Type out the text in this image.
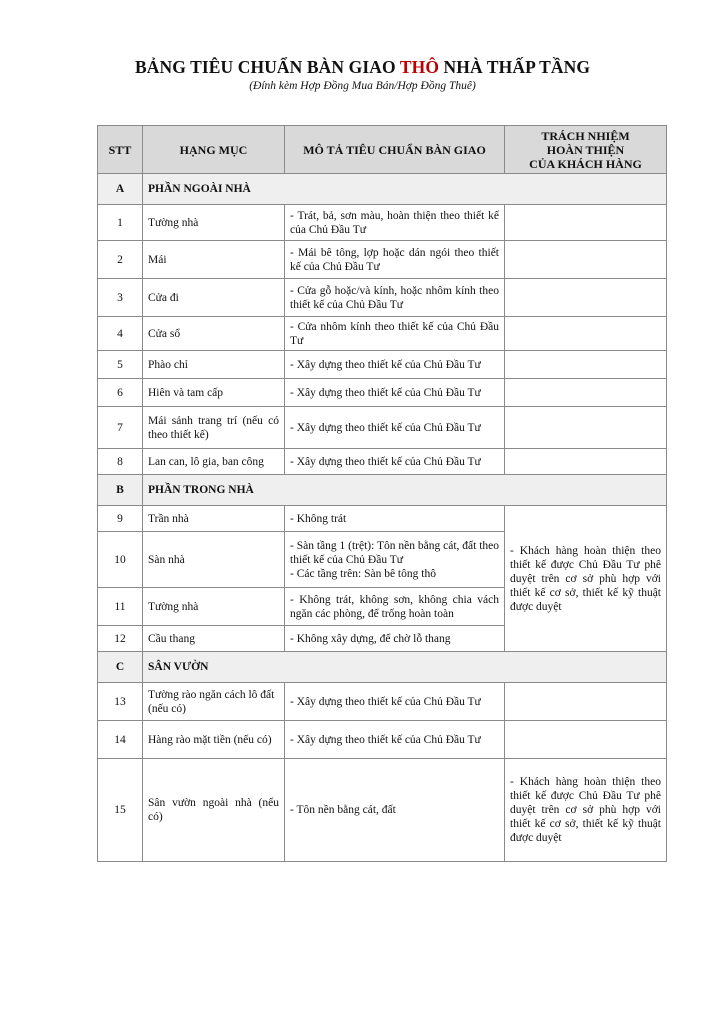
BẢNG TIÊU CHUẨN BÀN GIAO THÔ NHÀ THẤP TẦNG
(Đính kèm Hợp Đồng Mua Bán/Hợp Đồng Thuê)
STT	HẠNG MỤC	MÔ TẢ TIÊU CHUẨN BÀN GIAO	TRÁCH NHIỆM
HOÀN THIỆN
CỦA KHÁCH HÀNG
A	PHẦN NGOÀI NHÀ		
1	Tường nhà	- Trát, bả, sơn màu, hoàn thiện theo thiết kế của Chủ Đầu Tư	
2	Mái	- Mái bê tông, lợp hoặc dán ngói theo thiết kế của Chủ Đầu Tư	
3	Cửa đi	- Cửa gỗ hoặc/và kính, hoặc nhôm kính theo thiết kế của Chủ Đầu Tư	
4	Cửa sổ	- Cửa nhôm kính theo thiết kế của Chủ Đầu Tư	
5	Phào chỉ	- Xây dựng theo thiết kế của Chủ Đầu Tư	
6	Hiên và tam cấp	- Xây dựng theo thiết kế của Chủ Đầu Tư	
7	Mái sảnh trang trí (nếu có theo thiết kế)	- Xây dựng theo thiết kế của Chủ Đầu Tư	
8	Lan can, lô gia, ban công	- Xây dựng theo thiết kế của Chủ Đầu Tư	
B	PHẦN TRONG NHÀ		
9	Trần nhà	- Không trát	- Khách hàng hoàn thiện theo thiết kế được Chủ Đầu Tư phê duyệt trên cơ sở phù hợp với thiết kế cơ sở, thiết kế kỹ thuật được duyệt
10	Sàn nhà	- Sàn tầng 1 (trệt): Tôn nền bằng cát, đất theo thiết kế của Chủ Đầu Tư
- Các tầng trên: Sàn bê tông thô	
11	Tường nhà	- Không trát, không sơn, không chia vách ngăn các phòng, để trống hoàn toàn	
12	Cầu thang	- Không xây dựng, để chờ lỗ thang	
C	SÂN VƯỜN		
13	Tường rào ngăn cách lô đất (nếu có)	- Xây dựng theo thiết kế của Chủ Đầu Tư	
14	Hàng rào mặt tiền (nếu có)	- Xây dựng theo thiết kế của Chủ Đầu Tư	
15	Sân vườn ngoài nhà (nếu có)	- Tôn nền bằng cát, đất	- Khách hàng hoàn thiện theo thiết kế được Chủ Đầu Tư phê duyệt trên cơ sở phù hợp với thiết kế cơ sở, thiết kế kỹ thuật được duyệt
